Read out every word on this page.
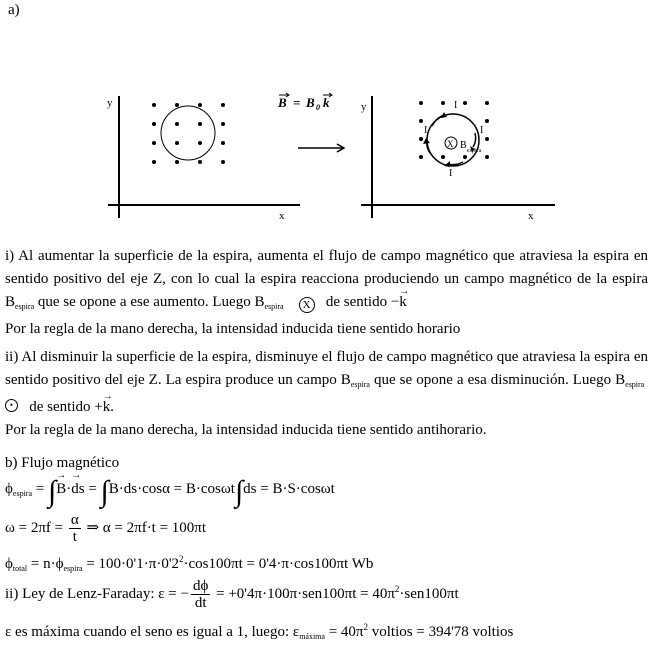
a)
y
x
B = B 0 k	y
x
I
I	I
I
X B espira
i) Al aumentar la superficie de la espira, aumenta el flujo de campo magnético que atraviesa la espira en sentido positivo del eje Z, con lo cual la espira reacciona produciendo un campo magnético de la espira $B_{espira}$ que se opone a ese aumento. Luego $B_{espira}$ X   de sentido −→ k
Por la regla de la mano derecha, la intensidad inducida tiene sentido horario
ii) Al disminuir la superficie de la espira, disminuye el flujo de campo magnético que atraviesa la espira en sentido positivo del eje Z. La espira produce un campo $B_{espira}$ que se opone a esa disminución. Luego $B_{espira}$ •   de sentido +→ k.
Por la regla de la mano derecha, la intensidad inducida tiene sentido antihorario.
b) Flujo magnético
$\phi_{espira}$ = ∫→ B·→ ds = ∫B·ds·cosα = B·cosωt∫ds = B·S·cosωt
$\omega = 2\pi f = \frac{\alpha}{t}$ ⇒ α = 2πf·t = 100πt
$\phi_{total} = n\cdot\phi_{espira} = 100\cdot 0'1\cdot\pi\cdot 0'2^2\cdot\cos 100\pi t = 0'4\cdot\pi\cdot\cos 100\pi t$ Wb
ii) Ley de Lenz-Faraday: ε = − $\frac{d\phi}{dt} = +0'4\pi\cdot 100\pi\cdot sen100\pi t = 40\pi^2\cdot sen100\pi t$
ε es máxima cuando el seno es igual a 1, luego: $\varepsilon_{máxima} = 40\pi^2$ voltios = 394'78 voltios
